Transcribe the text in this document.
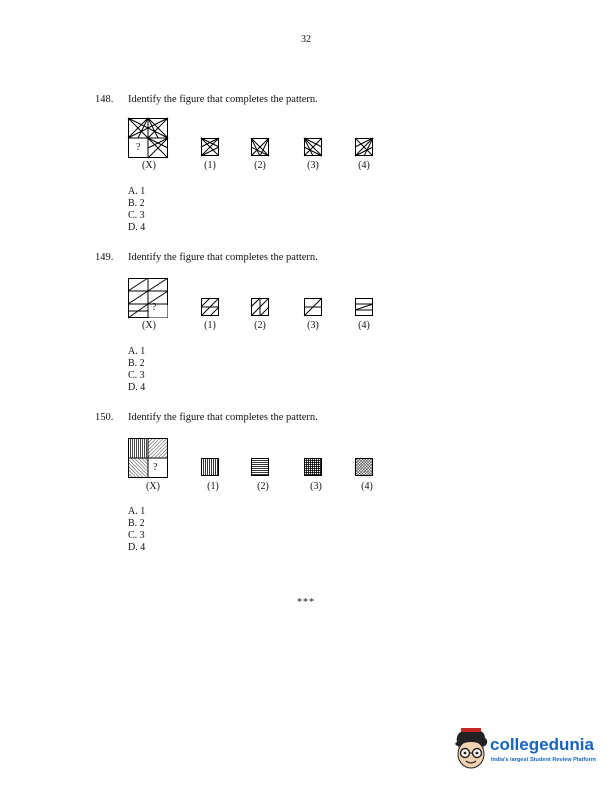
32
148. Identify the figure that completes the pattern.
?
(X)	(1)	(2)	(3)	(4)
A. 1
B. 2
C. 3
D. 4
149. Identify the figure that completes the pattern.
?
(X)	(1)	(2)	(3)	(4)
A. 1
B. 2
C. 3
D. 4
150. Identify the figure that completes the pattern.
?
(X)	(1)	(2)	(3)	(4)
A. 1
B. 2
C. 3
D. 4
***
collegedunia
India's largest Student Review Platform
